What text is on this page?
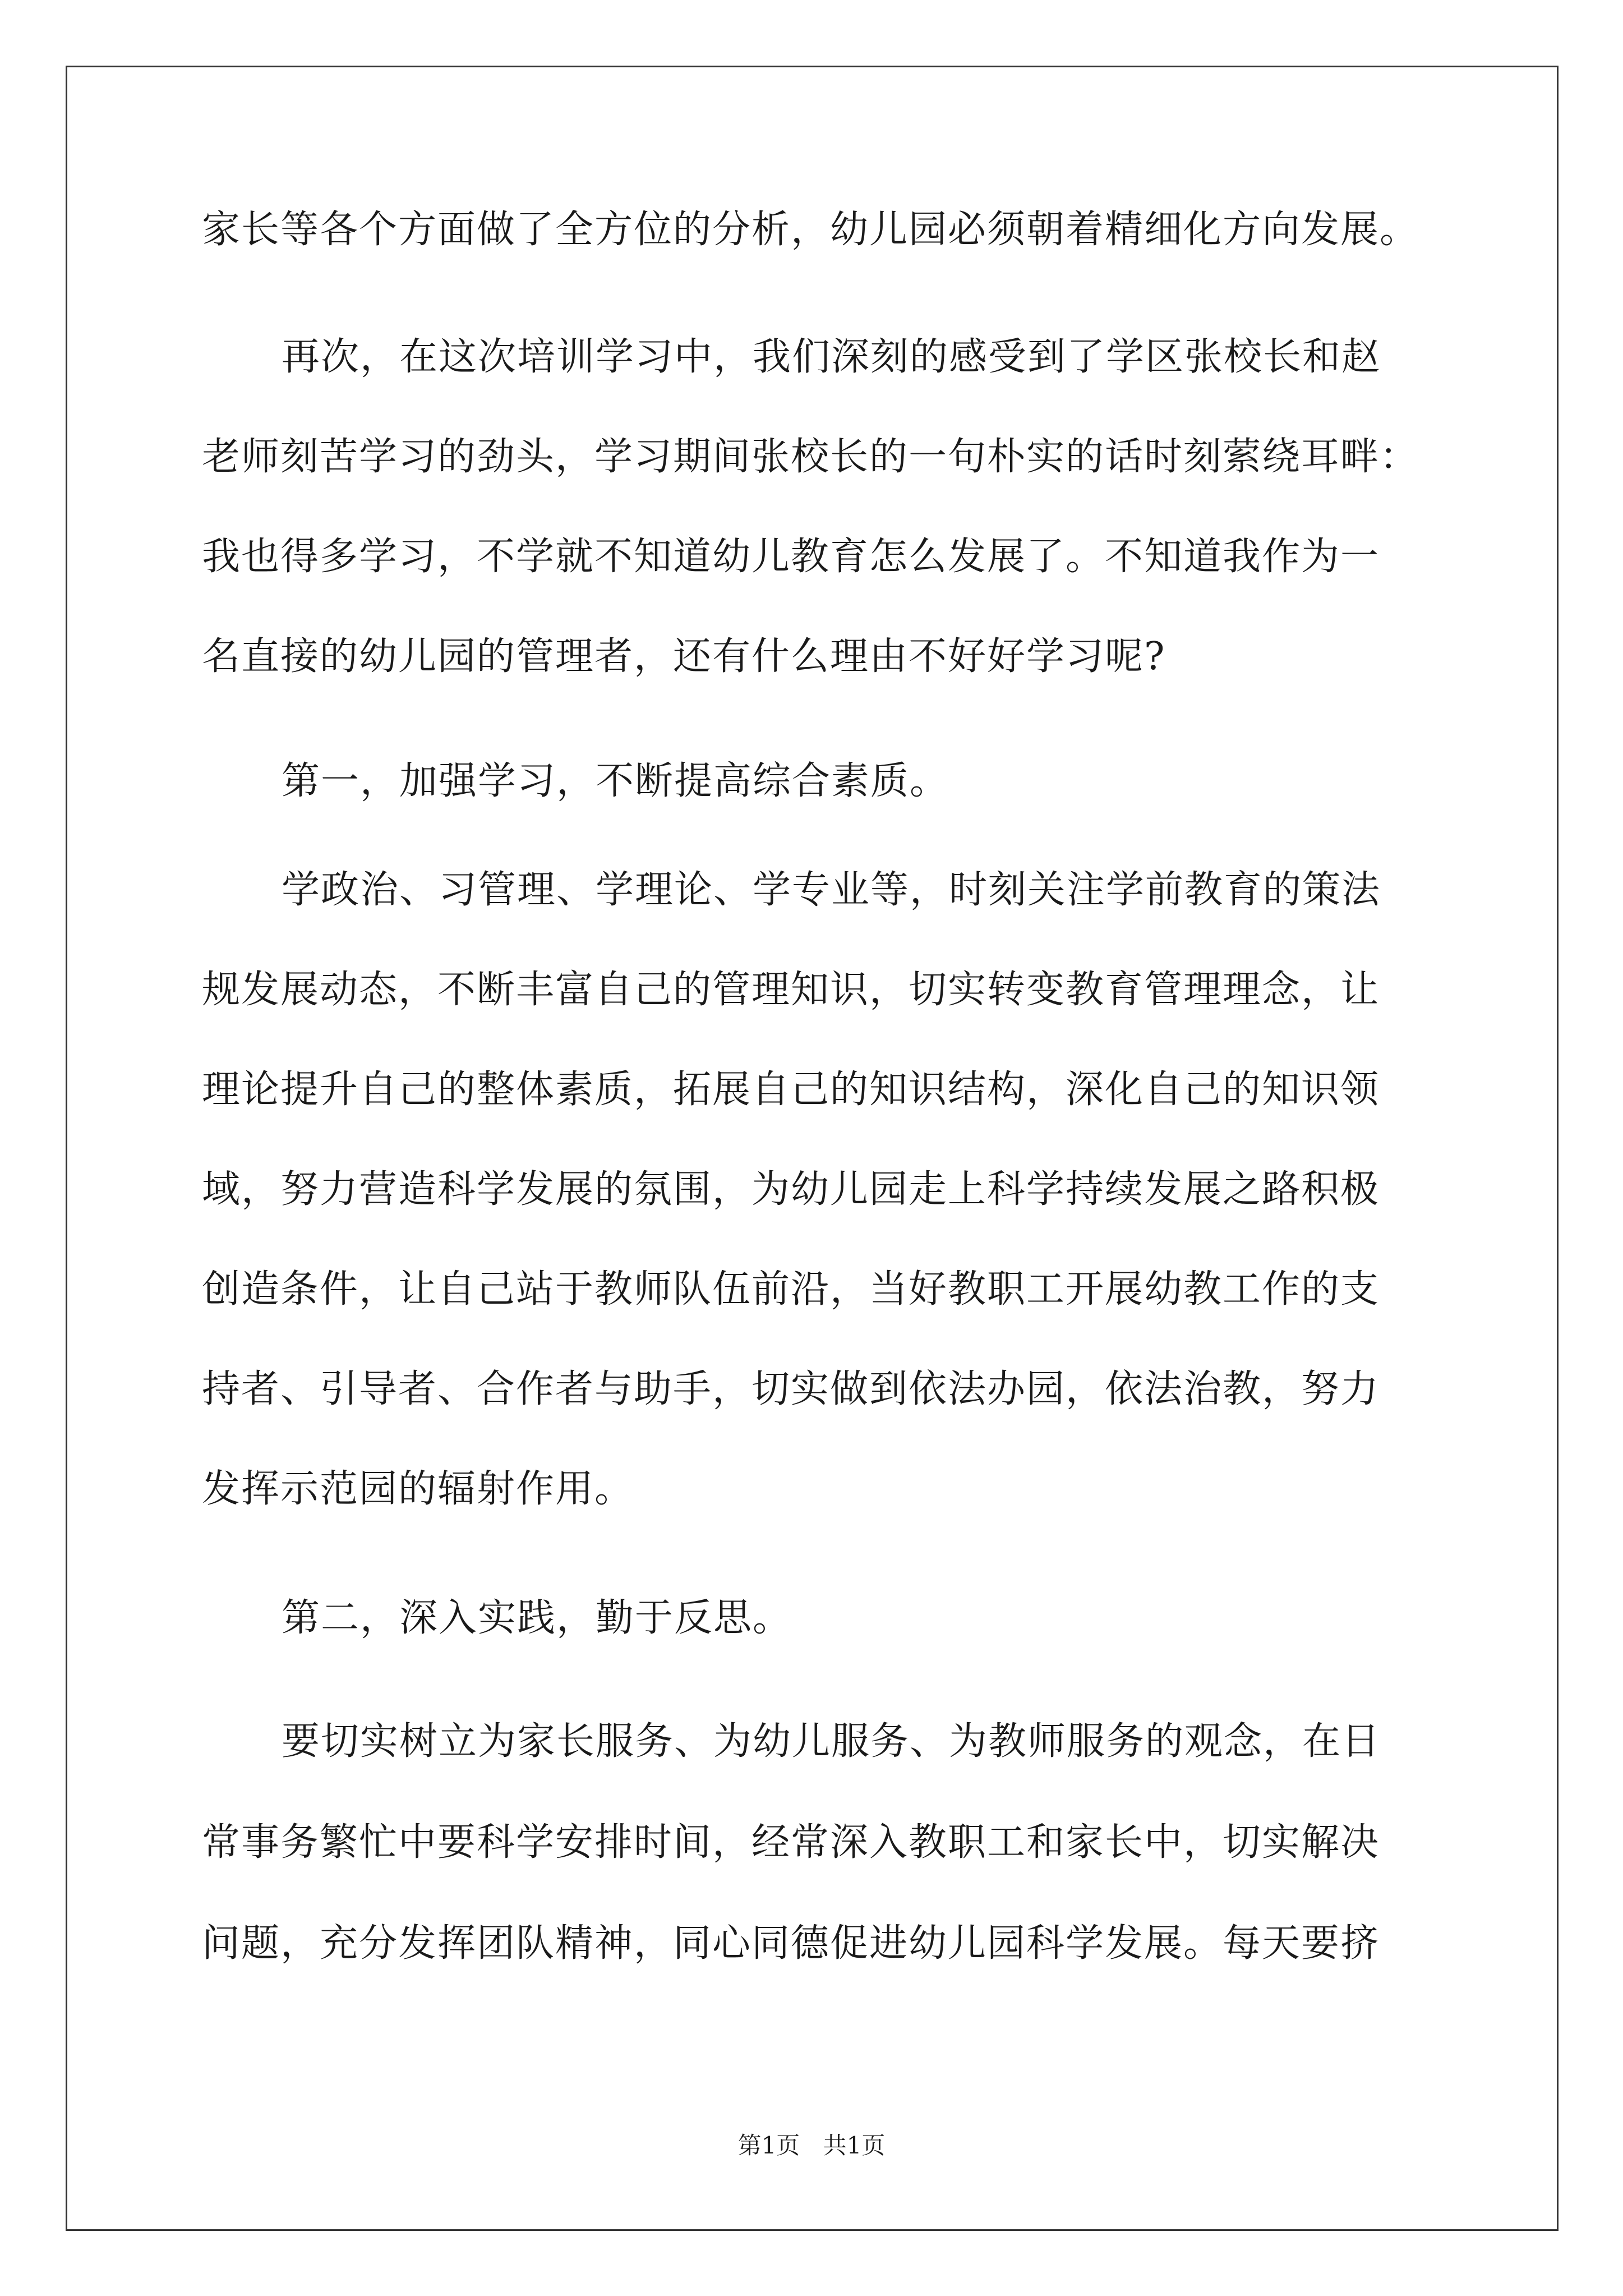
家长等各个方面做了全方位的分析，幼儿园必须朝着精细化方向发展。
再次，在这次培训学习中，我们深刻的感受到了学区张校长和赵
老师刻苦学习的劲头，学习期间张校长的一句朴实的话时刻萦绕耳畔：
我也得多学习，不学就不知道幼儿教育怎么发展了。不知道我作为一
名直接的幼儿园的管理者，还有什么理由不好好学习呢?
第一，加强学习，不断提高综合素质。
学政治、习管理、学理论、学专业等，时刻关注学前教育的策法
规发展动态，不断丰富自己的管理知识，切实转变教育管理理念，让
理论提升自己的整体素质，拓展自己的知识结构，深化自己的知识领
域，努力营造科学发展的氛围，为幼儿园走上科学持续发展之路积极
创造条件，让自己站于教师队伍前沿，当好教职工开展幼教工作的支
持者、引导者、合作者与助手，切实做到依法办园，依法治教，努力
发挥示范园的辐射作用。
第二，深入实践，勤于反思。
要切实树立为家长服务、为幼儿服务、为教师服务的观念，在日
常事务繁忙中要科学安排时间，经常深入教职工和家长中，切实解决
问题，充分发挥团队精神，同心同德促进幼儿园科学发展。每天要挤
第1页 共1页
